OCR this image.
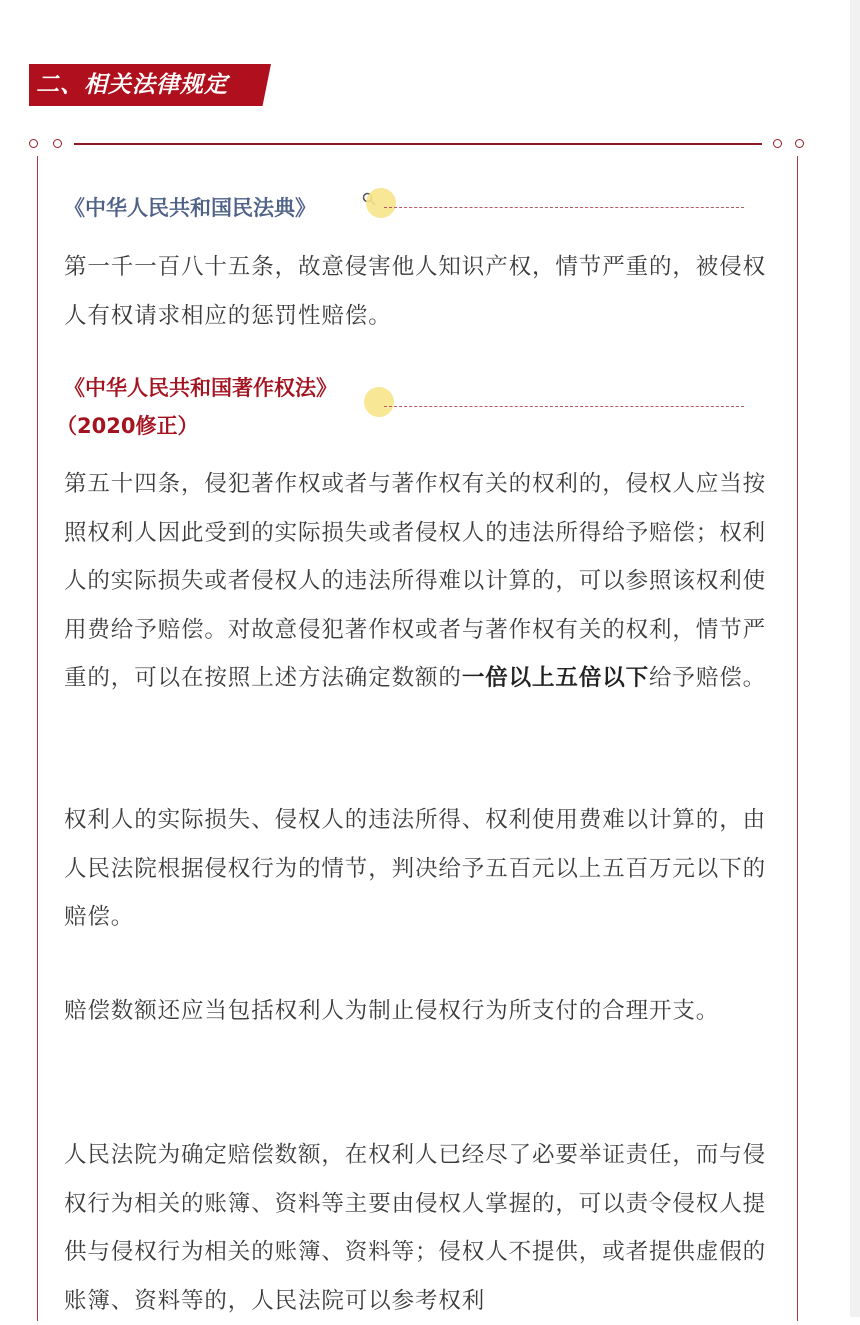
二、相关法律规定
《中华人民共和国民法典》

第一千一百八十五条，故意侵害他人知识产权，情节严重的，被侵权人有权请求相应的惩罚性赔偿。

《中华人民共和国著作权法》
（2020修正）

第五十四条，侵犯著作权或者与著作权有关的权利的，侵权人应当按照权利人因此受到的实际损失或者侵权人的违法所得给予赔偿；权利人的实际损失或者侵权人的违法所得难以计算的，可以参照该权利使用费给予赔偿。对故意侵犯著作权或者与著作权有关的权利，情节严重的，可以在按照上述方法确定数额的一倍以上五倍以下给予赔偿。

权利人的实际损失、侵权人的违法所得、权利使用费难以计算的，由人民法院根据侵权行为的情节，判决给予五百元以上五百万元以下的赔偿。

赔偿数额还应当包括权利人为制止侵权行为所支付的合理开支。

人民法院为确定赔偿数额，在权利人已经尽了必要举证责任，而与侵权行为相关的账簿、资料等主要由侵权人掌握的，可以责令侵权人提供与侵权行为相关的账簿、资料等；侵权人不提供，或者提供虚假的账簿、资料等的，人民法院可以参考权利
